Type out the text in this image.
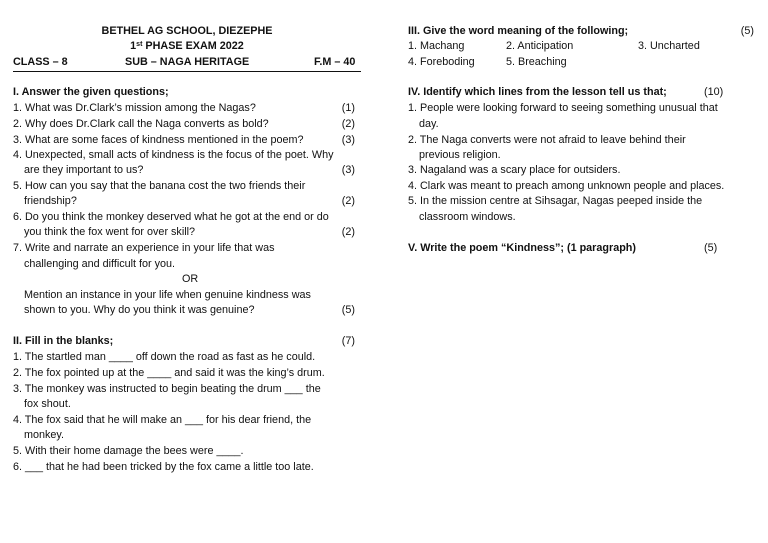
BETHEL AG SCHOOL, DIEZEPHE
1st PHASE EXAM 2022
CLASS – 8	SUB – NAGA HERITAGE	F.M – 40
I. Answer the given questions;
1. What was Dr.Clark’s mission among the Nagas?	(1)
2. Why does Dr.Clark call the Naga converts as bold?	(2)
3. What are some faces of kindness mentioned in the poem?	(3)
4. Unexpected, small acts of kindness is the focus of the poet. Why
are they important to us?	(3)
5. How can you say that the banana cost the two friends their
friendship?	(2)
6. Do you think the monkey deserved what he got at the end or do
you think the fox went for over skill?	(2)
7. Write and narrate an experience in your life that was
challenging and difficult for you.
OR
Mention an instance in your life when genuine kindness was
shown to you. Why do you think it was genuine?	(5)
II. Fill in the blanks;	(7)
1. The startled man ____ off down the road as fast as he could.
2. The fox pointed up at the ____ and said it was the king’s drum.
3. The monkey was instructed to begin beating the drum ___ the
fox shout.
4. The fox said that he will make an ___ for his dear friend, the
monkey.
5. With their home damage the bees were ____.
6. ___ that he had been tricked by the fox came a little too late.
III. Give the word meaning of the following;	(5)
1. Machang	2. Anticipation	3. Uncharted
4. Foreboding	5. Breaching
IV. Identify which lines from the lesson tell us that;	(10)
1. People were looking forward to seeing something unusual that
day.
2. The Naga converts were not afraid to leave behind their
previous religion.
3. Nagaland was a scary place for outsiders.
4. Clark was meant to preach among unknown people and places.
5. In the mission centre at Sihsagar, Nagas peeped inside the
classroom windows.
V. Write the poem “Kindness”; (1 paragraph)	(5)
